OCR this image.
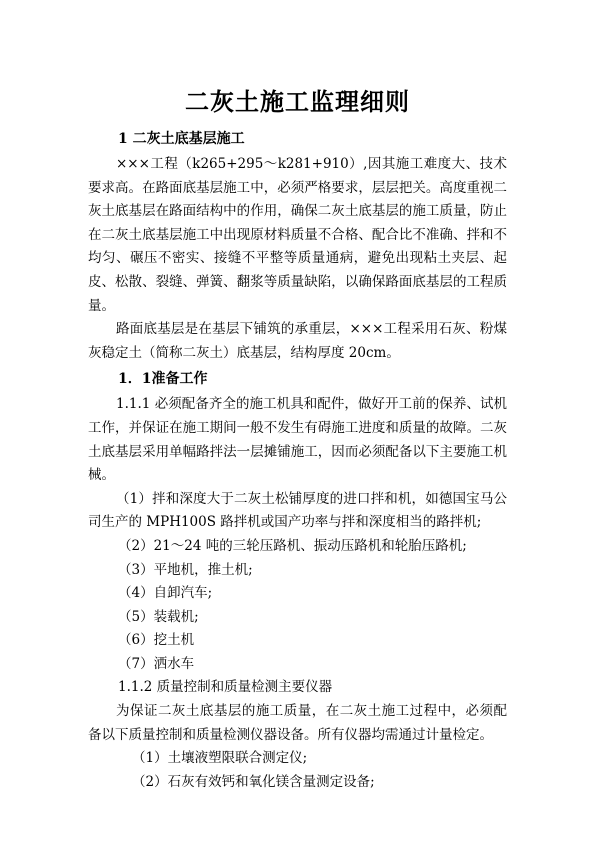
二灰土施工监理细则
1 二灰土底基层施工

×××工程（k265+295～k281+910）,因其施工难度大、技术要求高。在路面底基层施工中，必须严格要求，层层把关。高度重视二灰土底基层在路面结构中的作用，确保二灰土底基层的施工质量，防止在二灰土底基层施工中出现原材料质量不合格、配合比不准确、拌和不均匀、碾压不密实、接缝不平整等质量通病，避免出现粘土夹层、起皮、松散、裂缝、弹簧、翻浆等质量缺陷，以确保路面底基层的工程质量。

路面底基层是在基层下铺筑的承重层，×××工程采用石灰、粉煤灰稳定土（简称二灰土）底基层，结构厚度 20cm。

1．1准备工作

1.1.1 必须配备齐全的施工机具和配件，做好开工前的保养、试机工作，并保证在施工期间一般不发生有碍施工进度和质量的故障。二灰土底基层采用单幅路拌法一层摊铺施工，因而必须配备以下主要施工机械。

（1）拌和深度大于二灰土松铺厚度的进口拌和机，如德国宝马公司生产的 MPH100S 路拌机或国产功率与拌和深度相当的路拌机;

（2）21～24 吨的三轮压路机、振动压路机和轮胎压路机;
（3）平地机，推土机;
（4）自卸汽车;
（5）装载机;
（6）挖土机
（7）洒水车
1.1.2 质量控制和质量检测主要仪器

为保证二灰土底基层的施工质量，在二灰土施工过程中，必须配备以下质量控制和质量检测仪器设备。所有仪器均需通过计量检定。

（1）土壤液塑限联合测定仪;
（2）石灰有效钙和氧化镁含量测定设备;
